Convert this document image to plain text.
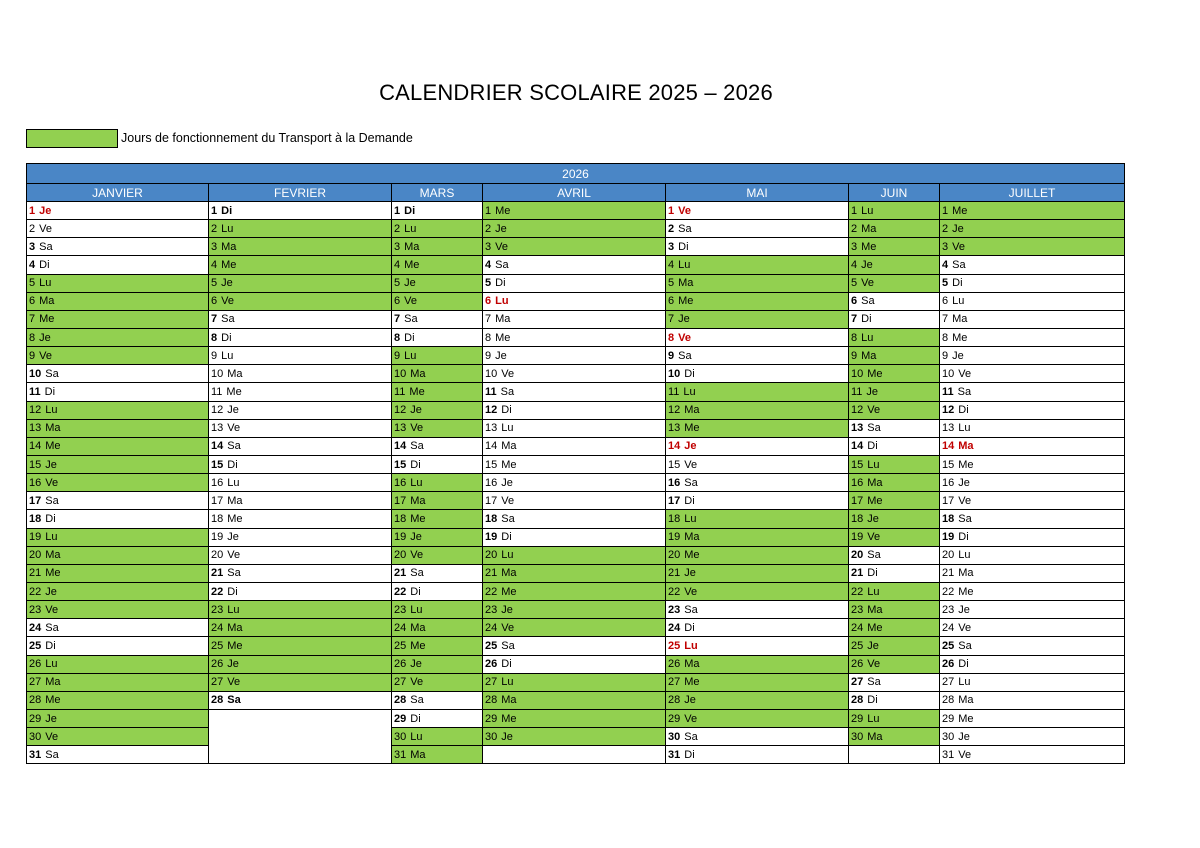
CALENDRIER SCOLAIRE 2025 – 2026
Jours de fonctionnement du Transport à la Demande
2026
JANVIER
1 Je
2 Ve
3 Sa
4 Di
5 Lu
6 Ma
7 Me
8 Je
9 Ve
10 Sa
11 Di
12 Lu
13 Ma
14 Me
15 Je
16 Ve
17 Sa
18 Di
19 Lu
20 Ma
21 Me
22 Je
23 Ve
24 Sa
25 Di
26 Lu
27 Ma
28 Me
29 Je
30 Ve
31 Sa
FEVRIER
1 Di
2 Lu
3 Ma
4 Me
5 Je
6 Ve
7 Sa
8 Di
9 Lu
10 Ma
11 Me
12 Je
13 Ve
14 Sa
15 Di
16 Lu
17 Ma
18 Me
19 Je
20 Ve
21 Sa
22 Di
23 Lu
24 Ma
25 Me
26 Je
27 Ve
28 Sa
MARS
1 Di
2 Lu
3 Ma
4 Me
5 Je
6 Ve
7 Sa
8 Di
9 Lu
10 Ma
11 Me
12 Je
13 Ve
14 Sa
15 Di
16 Lu
17 Ma
18 Me
19 Je
20 Ve
21 Sa
22 Di
23 Lu
24 Ma
25 Me
26 Je
27 Ve
28 Sa
29 Di
30 Lu
31 Ma
AVRIL
1 Me
2 Je
3 Ve
4 Sa
5 Di
6 Lu
7 Ma
8 Me
9 Je
10 Ve
11 Sa
12 Di
13 Lu
14 Ma
15 Me
16 Je
17 Ve
18 Sa
19 Di
20 Lu
21 Ma
22 Me
23 Je
24 Ve
25 Sa
26 Di
27 Lu
28 Ma
29 Me
30 Je
MAI
1 Ve
2 Sa
3 Di
4 Lu
5 Ma
6 Me
7 Je
8 Ve
9 Sa
10 Di
11 Lu
12 Ma
13 Me
14 Je
15 Ve
16 Sa
17 Di
18 Lu
19 Ma
20 Me
21 Je
22 Ve
23 Sa
24 Di
25 Lu
26 Ma
27 Me
28 Je
29 Ve
30 Sa
31 Di
JUIN
1 Lu
2 Ma
3 Me
4 Je
5 Ve
6 Sa
7 Di
8 Lu
9 Ma
10 Me
11 Je
12 Ve
13 Sa
14 Di
15 Lu
16 Ma
17 Me
18 Je
19 Ve
20 Sa
21 Di
22 Lu
23 Ma
24 Me
25 Je
26 Ve
27 Sa
28 Di
29 Lu
30 Ma
JUILLET
1 Me
2 Je
3 Ve
4 Sa
5 Di
6 Lu
7 Ma
8 Me
9 Je
10 Ve
11 Sa
12 Di
13 Lu
14 Ma
15 Me
16 Je
17 Ve
18 Sa
19 Di
20 Lu
21 Ma
22 Me
23 Je
24 Ve
25 Sa
26 Di
27 Lu
28 Ma
29 Me
30 Je
31 Ve
